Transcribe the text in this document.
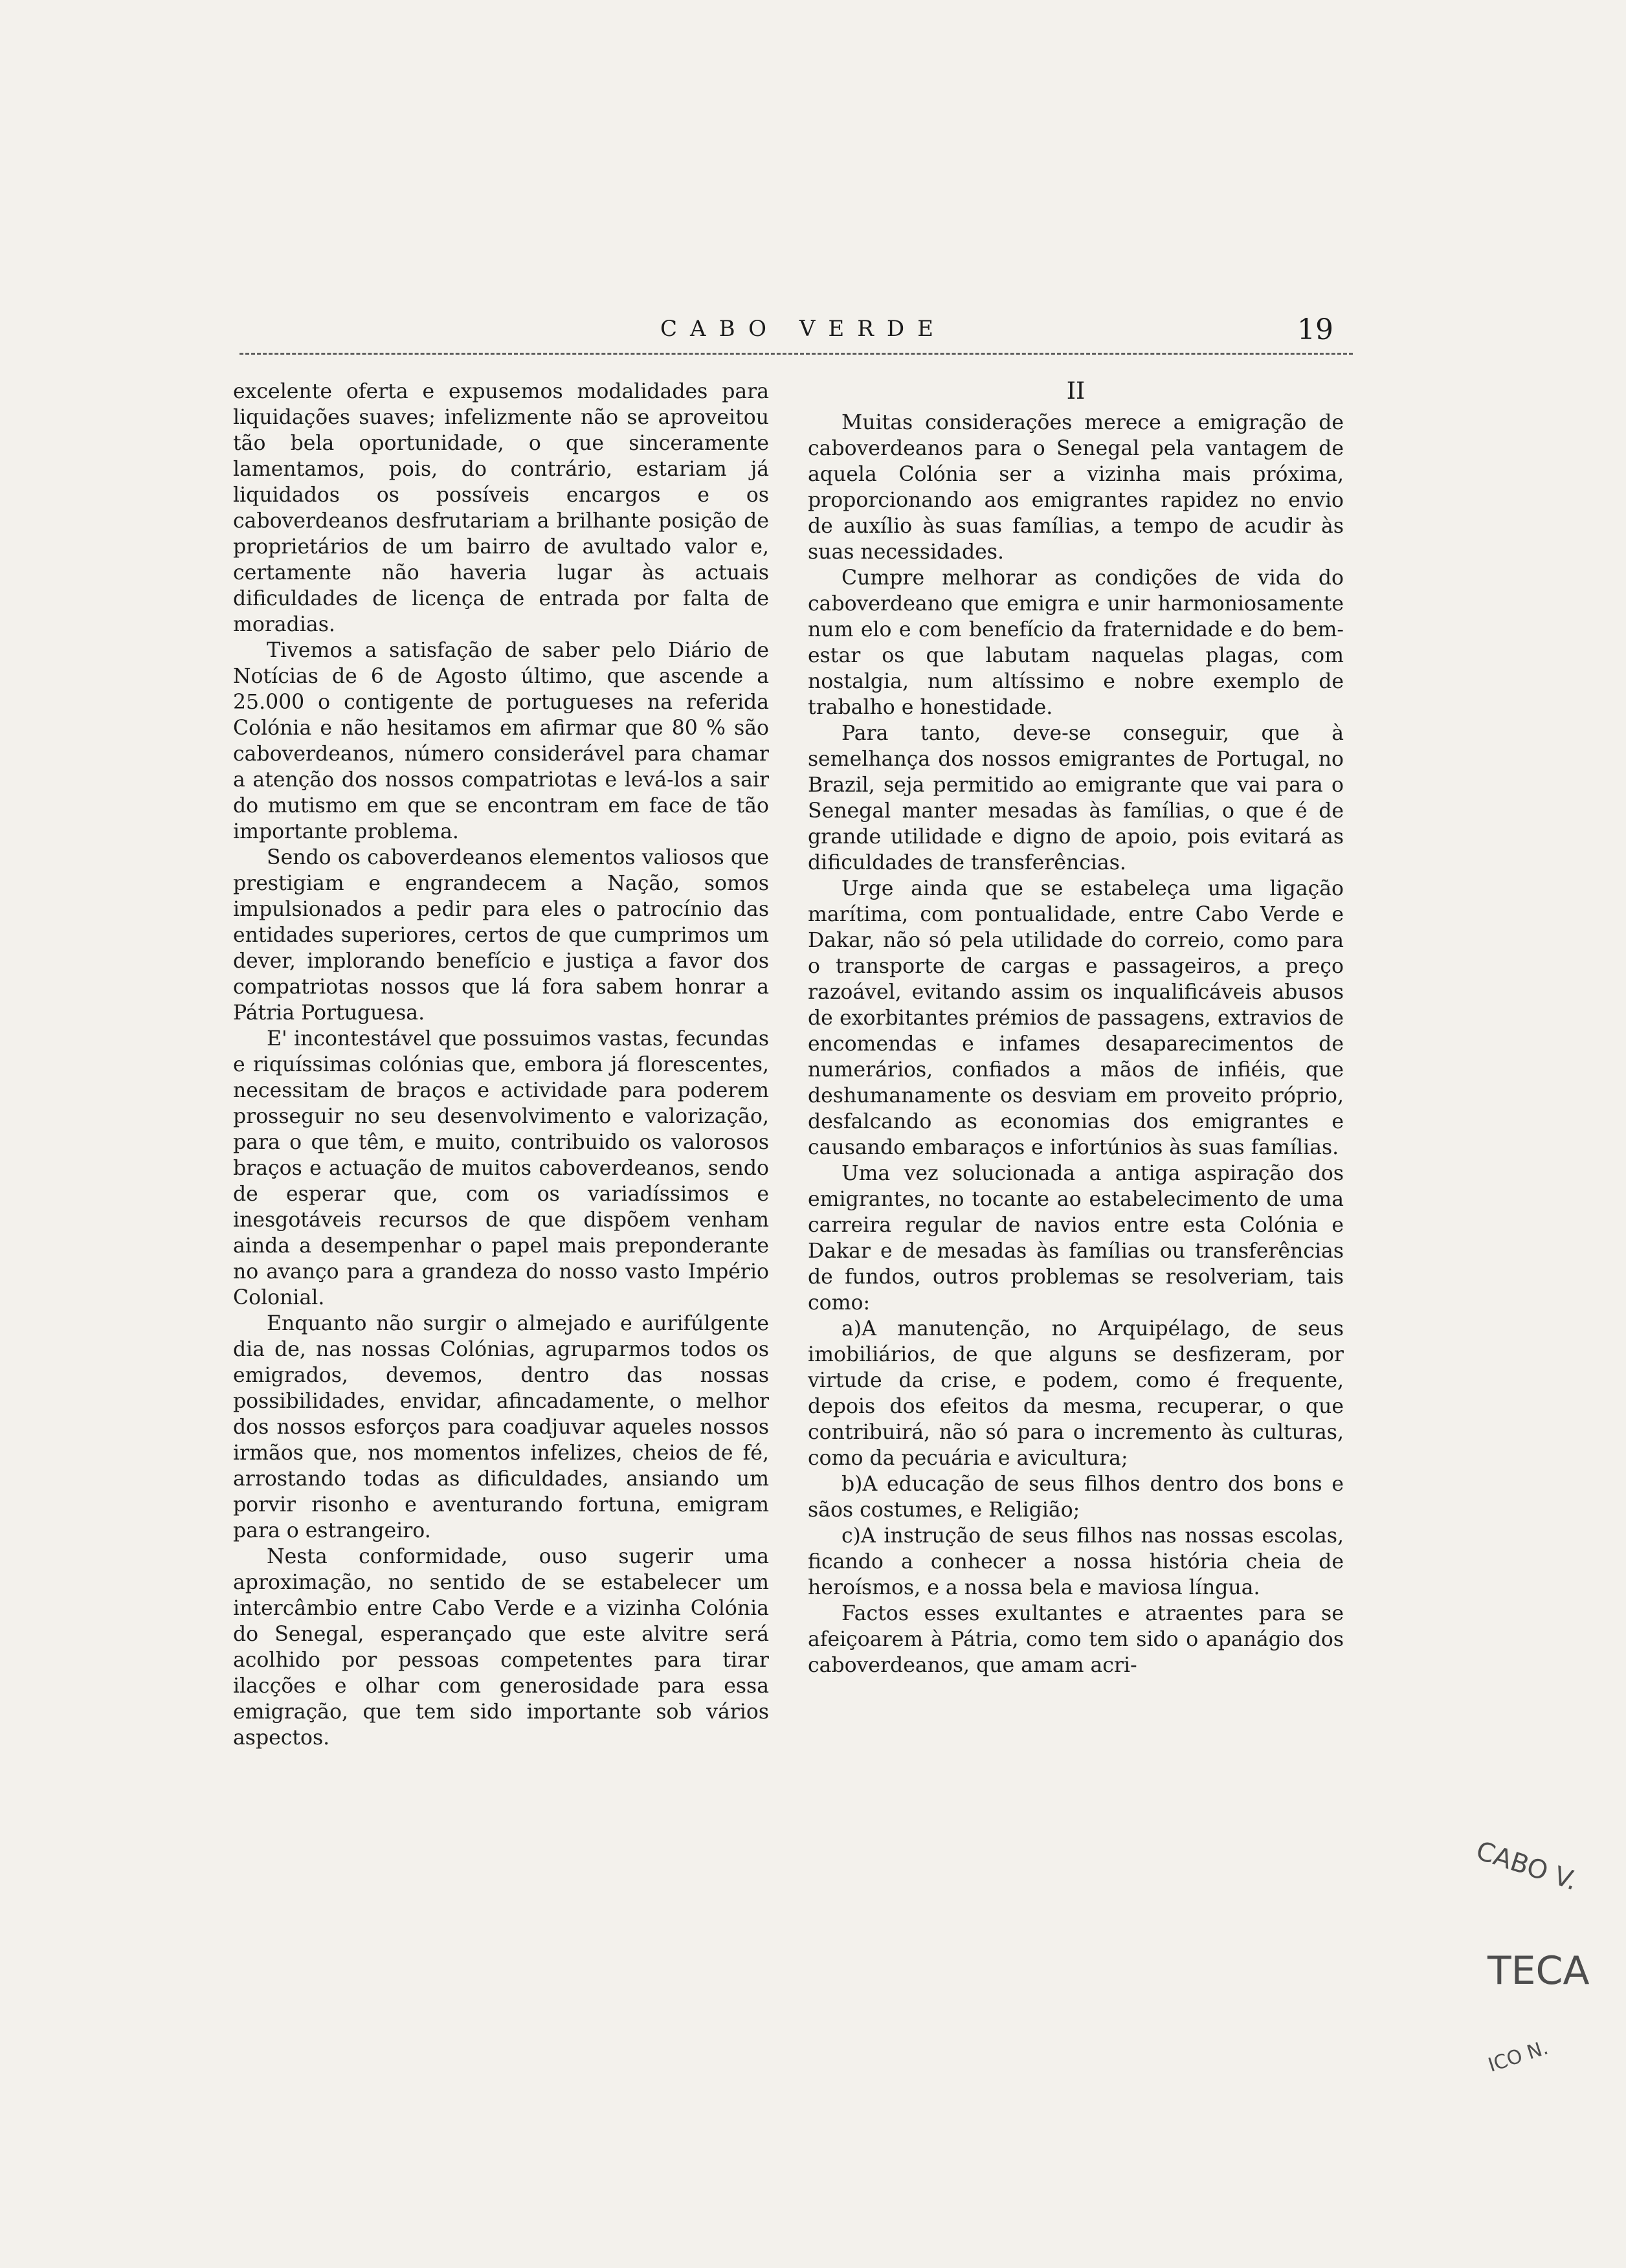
CABO VERDE	19

excelente oferta e expusemos modalidades para liquidações suaves; infelizmente não se aproveitou tão bela oportunidade, o que sinceramente lamentamos, pois, do contrário, estariam já liquidados os possíveis encargos e os caboverdeanos desfrutariam a brilhante posição de proprietários de um bairro de avultado valor e, certamente não haveria lugar às actuais dificuldades de licença de entrada por falta de moradias.

Tivemos a satisfação de saber pelo Diário de Notícias de 6 de Agosto último, que ascende a 25.000 o contigente de portugueses na referida Colónia e não hesitamos em afirmar que 80 % são caboverdeanos, número considerável para chamar a atenção dos nossos compatriotas e levá-los a sair do mutismo em que se encontram em face de tão importante problema.

Sendo os caboverdeanos elementos valiosos que prestigiam e engrandecem a Nação, somos impulsionados a pedir para eles o patrocínio das entidades superiores, certos de que cumprimos um dever, implorando benefício e justiça a favor dos compatriotas nossos que lá fora sabem honrar a Pátria Portuguesa.

E' incontestável que possuimos vastas, fecundas e riquíssimas colónias que, embora já florescentes, necessitam de braços e actividade para poderem prosseguir no seu desenvolvimento e valorização, para o que têm, e muito, contribuido os valorosos braços e actuação de muitos caboverdeanos, sendo de esperar que, com os variadíssimos e inesgotáveis recursos de que dispõem venham ainda a desempenhar o papel mais preponderante no avanço para a grandeza do nosso vasto Império Colonial.

Enquanto não surgir o almejado e aurifúlgente dia de, nas nossas Colónias, agruparmos todos os emigrados, devemos, dentro das nossas possibilidades, envidar, afincadamente, o melhor dos nossos esforços para coadjuvar aqueles nossos irmãos que, nos momentos infelizes, cheios de fé, arrostando todas as dificuldades, ansiando um porvir risonho e aventurando fortuna, emigram para o estrangeiro.

Nesta conformidade, ouso sugerir uma aproximação, no sentido de se estabelecer um intercâmbio entre Cabo Verde e a vizinha Colónia do Senegal, esperançado que este alvitre será acolhido por pessoas competentes para tirar ilacções e olhar com generosidade para essa emigração, que tem sido importante sob vários aspectos.

II

Muitas considerações merece a emigração de caboverdeanos para o Senegal pela vantagem de aquela Colónia ser a vizinha mais próxima, proporcionando aos emigrantes rapidez no envio de auxílio às suas famílias, a tempo de acudir às suas necessidades.

Cumpre melhorar as condições de vida do caboverdeano que emigra e unir harmoniosamente num elo e com benefício da fraternidade e do bem-estar os que labutam naquelas plagas, com nostalgia, num altíssimo e nobre exemplo de trabalho e honestidade.

Para tanto, deve-se conseguir, que à semelhança dos nossos emigrantes de Portugal, no Brazil, seja permitido ao emigrante que vai para o Senegal manter mesadas às famílias, o que é de grande utilidade e digno de apoio, pois evitará as dificuldades de transferências.

Urge ainda que se estabeleça uma ligação marítima, com pontualidade, entre Cabo Verde e Dakar, não só pela utilidade do correio, como para o transporte de cargas e passageiros, a preço razoável, evitando assim os inqualificáveis abusos de exorbitantes prémios de passagens, extravios de encomendas e infames desaparecimentos de numerários, confiados a mãos de infiéis, que deshumanamente os desviam em proveito próprio, desfalcando as economias dos emigrantes e causando embaraços e infortúnios às suas famílias.

Uma vez solucionada a antiga aspiração dos emigrantes, no tocante ao estabelecimento de uma carreira regular de navios entre esta Colónia e Dakar e de mesadas às famílias ou transferências de fundos, outros problemas se resolveriam, tais como:

a)A manutenção, no Arquipélago, de seus imobiliários, de que alguns se desfizeram, por virtude da crise, e podem, como é frequente, depois dos efeitos da mesma, recuperar, o que contribuirá, não só para o incremento às culturas, como da pecuária e avicultura;

b)A educação de seus filhos dentro dos bons e sãos costumes, e Religião;

c)A instrução de seus filhos nas nossas escolas, ficando a conhecer a nossa história cheia de heroísmos, e a nossa bela e maviosa língua.

Factos esses exultantes e atraentes para se afeiçoarem à Pátria, como tem sido o apanágio dos caboverdeanos, que amam acri-

CABO V.
TECA
ICO N.
